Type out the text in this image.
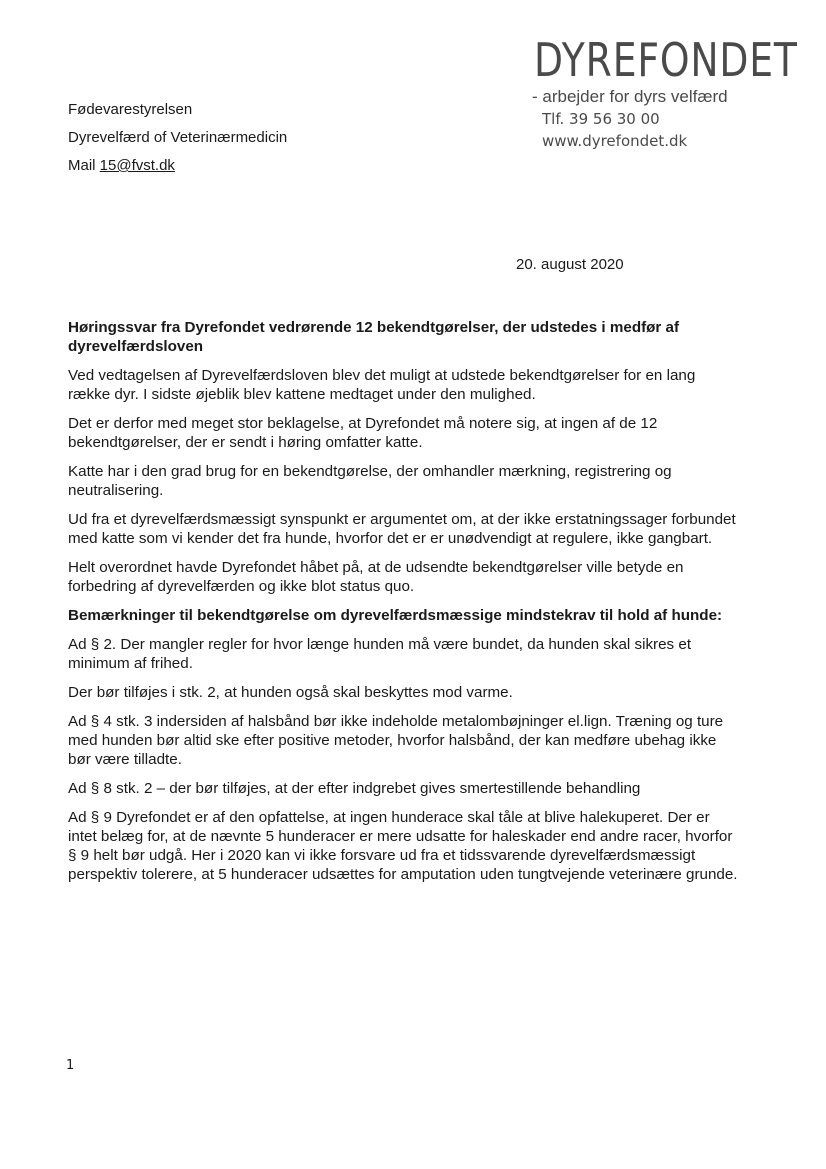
Fødevarestyrelsen
Dyrevelfærd of Veterinærmedicin
Mail 15@fvst.dk
DYREFONDET
- arbejder for dyrs velfærd
Tlf. 39 56 30 00
www.dyrefondet.dk
20. august 2020

Høringssvar fra Dyrefondet vedrørende 12 bekendtgørelser, der udstedes i medfør af dyrevelfærdsloven

Ved vedtagelsen af Dyrevelfærdsloven blev det muligt at udstede bekendtgørelser for en lang række dyr. I sidste øjeblik blev kattene medtaget under den mulighed.

Det er derfor med meget stor beklagelse, at Dyrefondet må notere sig, at ingen af de 12 bekendtgørelser, der er sendt i høring omfatter katte.

Katte har i den grad brug for en bekendtgørelse, der omhandler mærkning, registrering og neutralisering.

Ud fra et dyrevelfærdsmæssigt synspunkt er argumentet om, at der ikke erstatningssager forbundet med katte som vi kender det fra hunde, hvorfor det er er unødvendigt at regulere, ikke gangbart.

Helt overordnet havde Dyrefondet håbet på, at de udsendte bekendtgørelser ville betyde en forbedring af dyrevelfærden og ikke blot status quo.

Bemærkninger til bekendtgørelse om dyrevelfærdsmæssige mindstekrav til hold af hunde:

Ad § 2. Der mangler regler for hvor længe hunden må være bundet, da hunden skal sikres et minimum af frihed.

Der bør tilføjes i stk. 2, at hunden også skal beskyttes mod varme.

Ad § 4 stk. 3 indersiden af halsbånd bør ikke indeholde metalombøjninger el.lign. Træning og ture med hunden bør altid ske efter positive metoder, hvorfor halsbånd, der kan medføre ubehag ikke bør være tilladte.

Ad § 8 stk. 2 – der bør tilføjes, at der efter indgrebet gives smertestillende behandling

Ad § 9 Dyrefondet er af den opfattelse, at ingen hunderace skal tåle at blive halekuperet. Der er intet belæg for, at de nævnte 5 hunderacer er mere udsatte for haleskader end andre racer, hvorfor § 9 helt bør udgå. Her i 2020 kan vi ikke forsvare ud fra et tidssvarende dyrevelfærdsmæssigt perspektiv tolerere, at 5 hunderacer udsættes for amputation uden tungtvejende veterinære grunde.

1
